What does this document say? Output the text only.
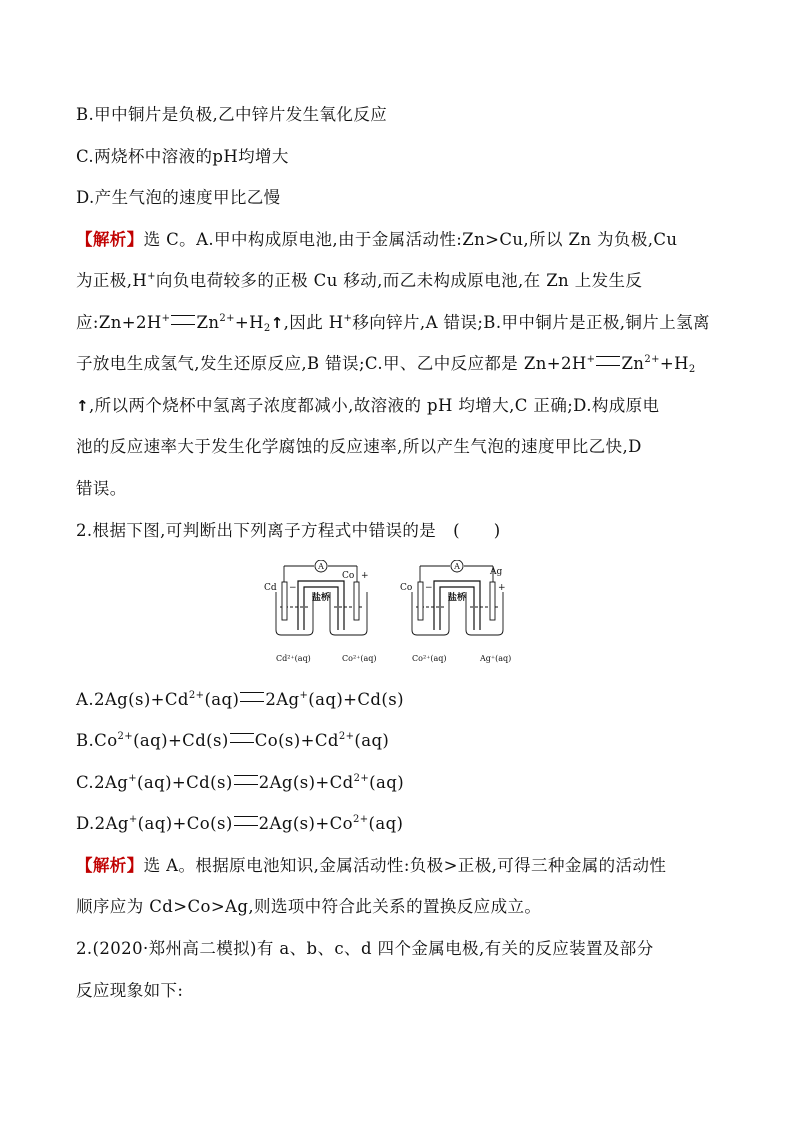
B.甲中铜片是负极,乙中锌片发生氧化反应
C.两烧杯中溶液的pH均增大
D.产生气泡的速度甲比乙慢
【解析】选 C。A.甲中构成原电池,由于金属活动性:Zn>Cu,所以 Zn 为负极,Cu
为正极,H+向负电荷较多的正极 Cu 移动,而乙未构成原电池,在 Zn 上发生反
应:Zn+2H+ $Zn^{2+}+H_2↑$,因此 H+移向锌片,A 错误;B.甲中铜片是正极,铜片上氢离
子放电生成氢气,发生还原反应,B 错误;C.甲、乙中反应都是 Zn+2H+ $Zn^{2+}+H_2$
↑,所以两个烧杯中氢离子浓度都减小,故溶液的 pH 均增大,C 正确;D.构成原电
池的反应速率大于发生化学腐蚀的反应速率,所以产生气泡的速度甲比乙快,D
错误。
2.根据下图,可判断出下列离子方程式中错误的是　(　　)
A
Cd −
Co +
盐桥
Cd²⁺(aq)	Co²⁺(aq)
A
Co −
Ag
+
盐桥
Co²⁺(aq)	Ag⁺(aq)
$A.2Ag(s)+Cd^{2+}(aq)$ 2Ag+(aq)+Cd(s)
$B.Co^{2+}(aq)+Cd(s)$ $Co(s)+Cd^{2+}(aq)$
C.2Ag+(aq)+Cd(s) $2Ag(s)+Cd^{2+}(aq)$
D.2Ag+(aq)+Co(s) $2Ag(s)+Co^{2+}(aq)$
【解析】选 A。根据原电池知识,金属活动性:负极>正极,可得三种金属的活动性
顺序应为 Cd>Co>Ag,则选项中符合此关系的置换反应成立。
2.(2020·郑州高二模拟)有 a、b、c、d 四个金属电极,有关的反应装置及部分
反应现象如下:
